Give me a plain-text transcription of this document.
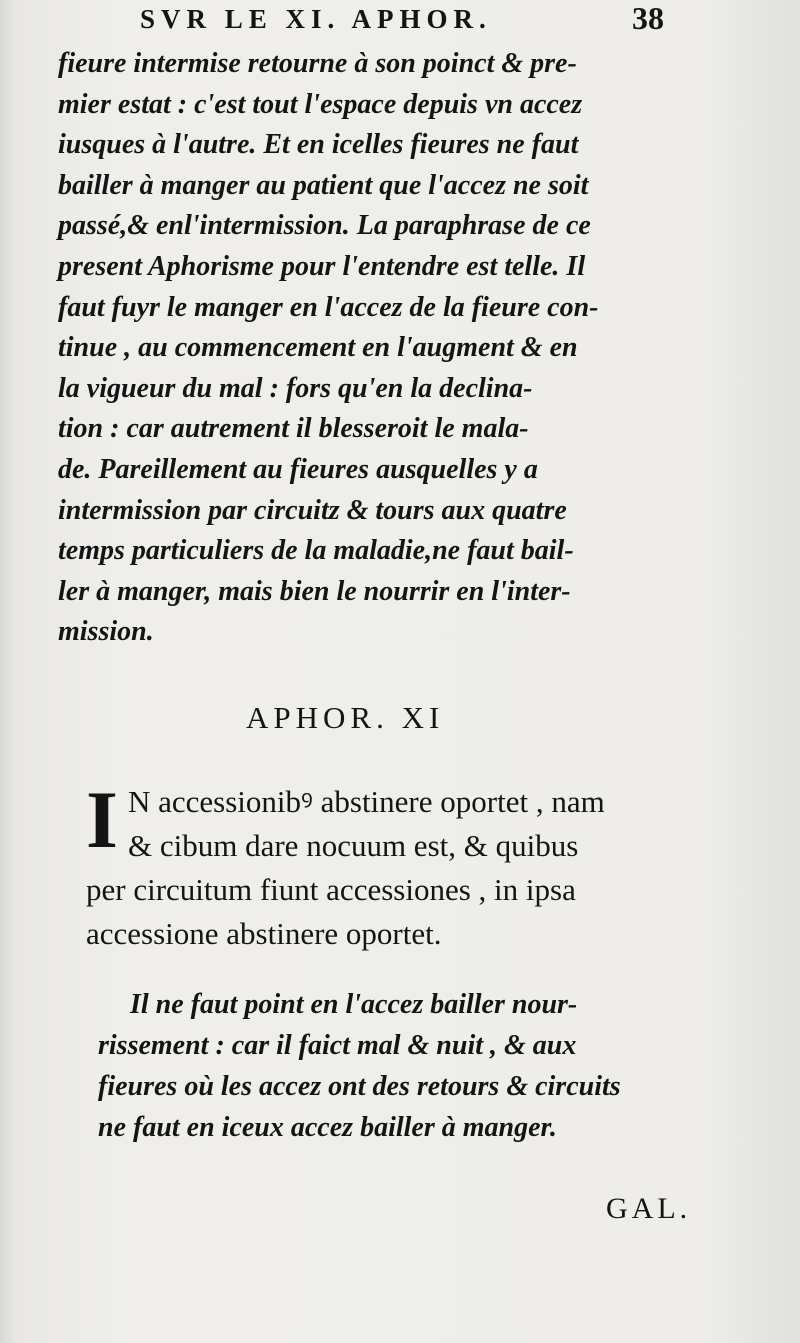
SVR LE XI. APHOR.	38
fieure intermise retourne à son poinct & pre-
mier estat : c'est tout l'espace depuis vn accez
iusques à l'autre. Et en icelles fieures ne faut
bailler à manger au patient que l'accez ne soit
passé,& enl'intermission. La paraphrase de ce
present Aphorisme pour l'entendre est telle. Il
faut fuyr le manger en l'accez de la fieure con-
tinue , au commencement en l'augment & en
la vigueur du mal : fors qu'en la declina-
tion : car autrement il blesseroit le mala-
de. Pareillement au fieures ausquelles y a
intermission par circuitz & tours aux quatre
temps particuliers de la maladie,ne faut bail-
ler à manger, mais bien le nourrir en l'inter-
mission.
APHOR. XI
I N accessionibꝰ abstinere oportet , nam
& cibum dare nocuum est, & quibus
per circuitum fiunt accessiones , in ipsa
accessione abstinere oportet.
Il ne faut point en l'accez bailler nour-
rissement : car il faict mal & nuit , & aux
fieures où les accez ont des retours & circuits
ne faut en iceux accez bailler à manger.
GAL.
